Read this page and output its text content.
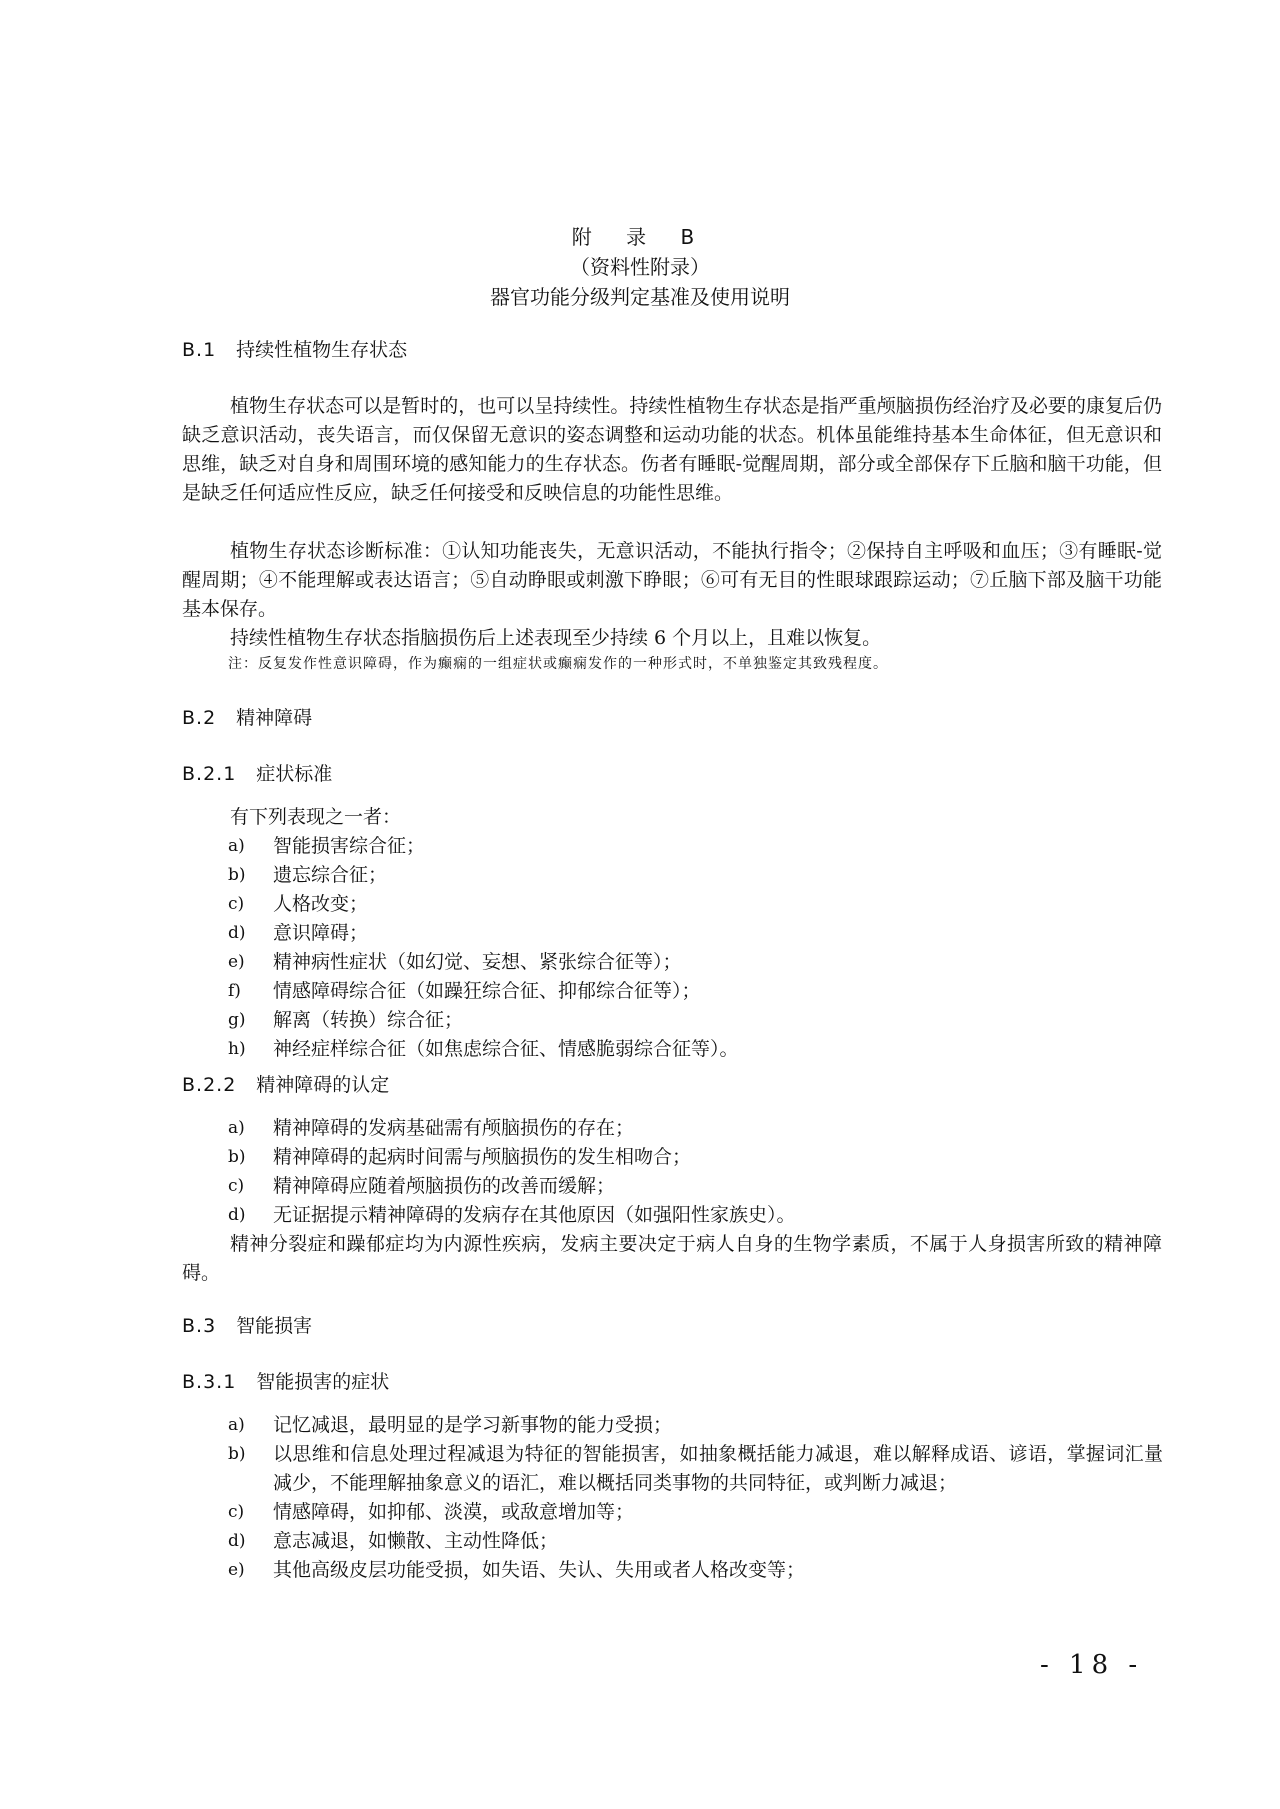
附 录 B
（资料性附录）
器官功能分级判定基准及使用说明
B.1 持续性植物生存状态
植物生存状态可以是暂时的，也可以呈持续性。持续性植物生存状态是指严重颅脑损伤经治疗及必要的康复后仍缺乏意识活动，丧失语言，而仅保留无意识的姿态调整和运动功能的状态。机体虽能维持基本生命体征，但无意识和思维，缺乏对自身和周围环境的感知能力的生存状态。伤者有睡眠-觉醒周期，部分或全部保存下丘脑和脑干功能，但是缺乏任何适应性反应，缺乏任何接受和反映信息的功能性思维。
植物生存状态诊断标准：①认知功能丧失，无意识活动，不能执行指令；②保持自主呼吸和血压；③有睡眠-觉醒周期；④不能理解或表达语言；⑤自动睁眼或刺激下睁眼；⑥可有无目的性眼球跟踪运动；⑦丘脑下部及脑干功能基本保存。
持续性植物生存状态指脑损伤后上述表现至少持续 6 个月以上，且难以恢复。
注：反复发作性意识障碍，作为癫痫的一组症状或癫痫发作的一种形式时，不单独鉴定其致残程度。
B.2 精神障碍
B.2.1 症状标准
有下列表现之一者：
a) 智能损害综合征；
b) 遗忘综合征；
c) 人格改变；
d) 意识障碍；
e) 精神病性症状（如幻觉、妄想、紧张综合征等）；
f) 情感障碍综合征（如躁狂综合征、抑郁综合征等）；
g) 解离（转换）综合征；
h) 神经症样综合征（如焦虑综合征、情感脆弱综合征等）。
B.2.2 精神障碍的认定
a) 精神障碍的发病基础需有颅脑损伤的存在；
b) 精神障碍的起病时间需与颅脑损伤的发生相吻合；
c) 精神障碍应随着颅脑损伤的改善而缓解；
d) 无证据提示精神障碍的发病存在其他原因（如强阳性家族史）。
精神分裂症和躁郁症均为内源性疾病，发病主要决定于病人自身的生物学素质，不属于人身损害所致的精神障碍。
B.3 智能损害
B.3.1 智能损害的症状
a) 记忆减退，最明显的是学习新事物的能力受损；
b) 以思维和信息处理过程减退为特征的智能损害，如抽象概括能力减退，难以解释成语、谚语，掌握词汇量减少，不能理解抽象意义的语汇，难以概括同类事物的共同特征，或判断力减退；
c) 情感障碍，如抑郁、淡漠，或敌意增加等；
d) 意志减退，如懒散、主动性降低；
e) 其他高级皮层功能受损，如失语、失认、失用或者人格改变等；
- 18 -
